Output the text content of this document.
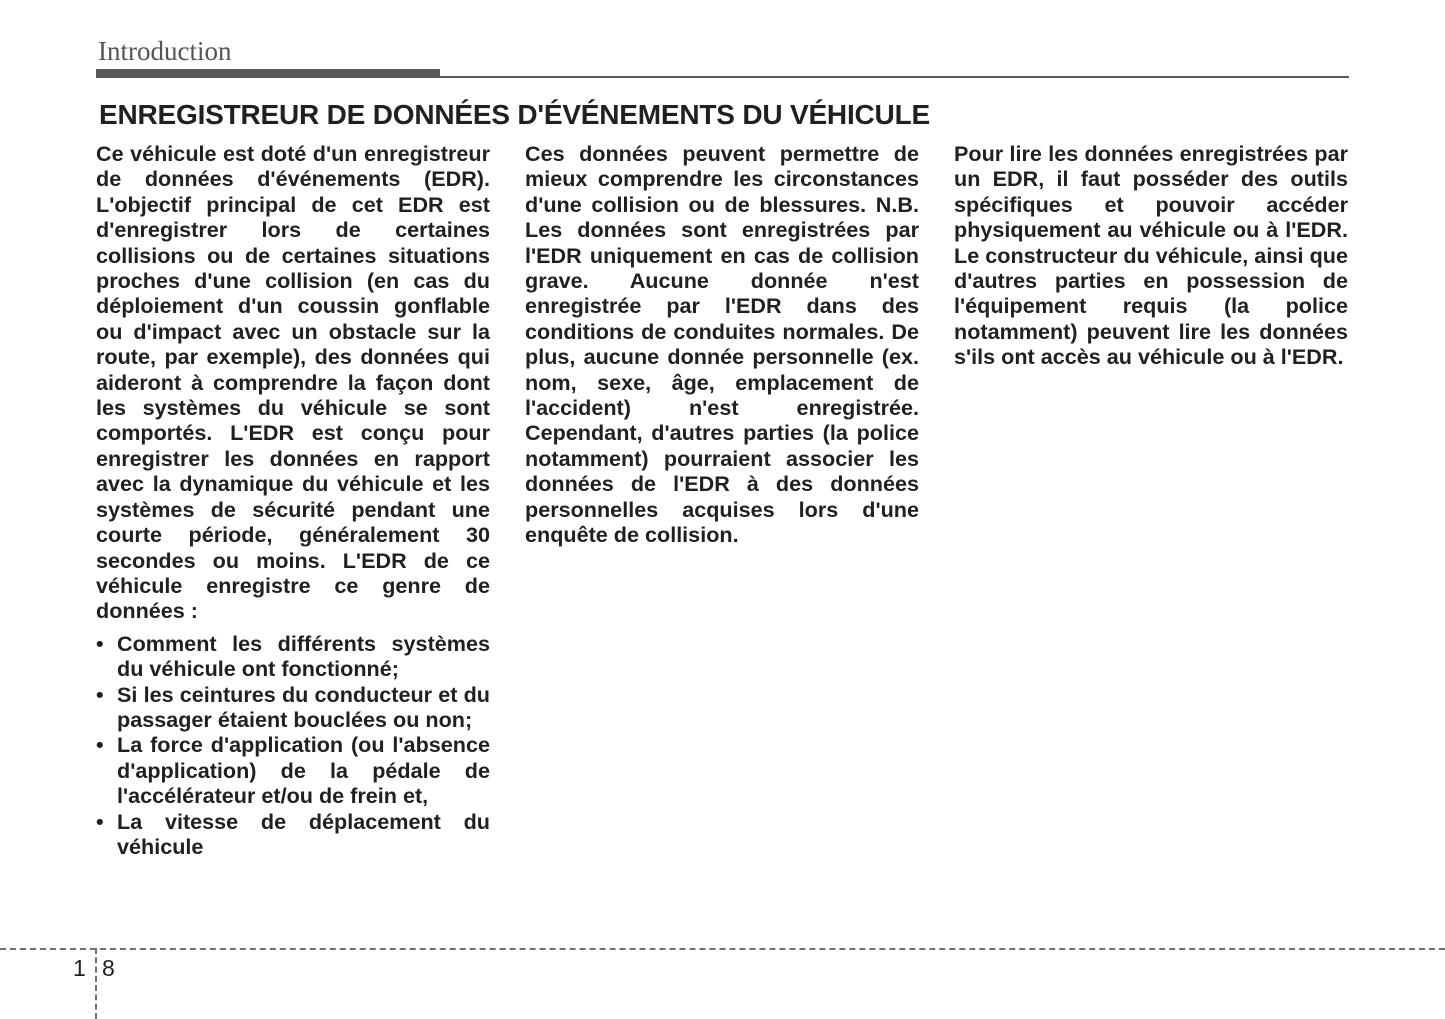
Introduction
ENREGISTREUR DE DONNÉES D'ÉVÉNEMENTS DU VÉHICULE

Ce véhicule est doté d'un enregistreur de données d'événements (EDR). L'objectif principal de cet EDR est d'enregistrer lors de certaines collisions ou de certaines situations proches d'une collision (en cas du déploiement d'un coussin gonflable ou d'impact avec un obstacle sur la route, par exemple), des données qui aideront à comprendre la façon dont les systèmes du véhicule se sont comportés. L'EDR est conçu pour enregistrer les données en rapport avec la dynamique du véhicule et les systèmes de sécurité pendant une courte période, généralement 30 secondes ou moins. L'EDR de ce véhicule enregistre ce genre de données :

• Comment les différents systèmes du véhicule ont fonctionné;
• Si les ceintures du conducteur et du passager étaient bouclées ou non;
• La force d'application (ou l'absence d'application) de la pédale de l'accélérateur et/ou de frein et,
• La vitesse de déplacement du véhicule

Ces données peuvent permettre de mieux comprendre les circonstances d'une collision ou de blessures. N.B. Les données sont enregistrées par l'EDR uniquement en cas de collision grave. Aucune donnée n'est enregistrée par l'EDR dans des conditions de conduites normales. De plus, aucune donnée personnelle (ex. nom, sexe, âge, emplacement de l'accident) n'est enregistrée. Cependant, d'autres parties (la police notamment) pourraient associer les données de l'EDR à des données personnelles acquises lors d'une enquête de collision.

Pour lire les données enregistrées par un EDR, il faut posséder des outils spécifiques et pouvoir accéder physiquement au véhicule ou à l'EDR. Le constructeur du véhicule, ainsi que d'autres parties en possession de l'équipement requis (la police notamment) peuvent lire les données s'ils ont accès au véhicule ou à l'EDR.

1 8
